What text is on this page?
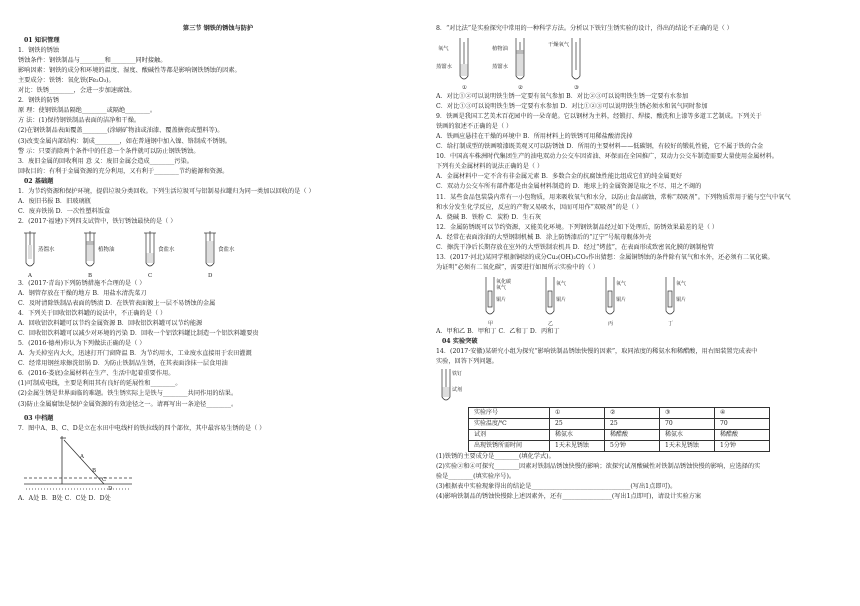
第三节 钢铁的锈蚀与防护
01 知识管理
1．钢铁的锈蚀
锈蚀条件：钢铁制品与________和________同时接触。
影响因素：钢铁的成分和环境的温度、湿度、酸碱性等都是影响钢铁锈蚀的因素。
主要成分：铁锈：氧化铁(Fe₂O₃)。
对比：铁锈________，会进一步加速腐蚀。
2．钢铁的防锈
原 理：使钢铁制品隔绝________或隔绝________。
方 法：(1)保持钢铁制品表面的洁净和干燥。
(2)在钢铁制品表面覆盖________(涂刷矿物油或油漆、覆盖搪瓷或塑料等)。
(3)改变金属内部结构：制成________，如在普通钢中加入镍、铬制成不锈钢。
警 示：只要消除两个条件中的任意一个条件就可以防止钢铁锈蚀。
3．废旧金属的回收利用 意 义：废旧金属会造成________污染。
回收目的：有利于金属资源的充分利用，又有利于________节约能源和资源。
02 基础题
1．为节约资源和保护环境，提倡垃圾分类回收。下列生活垃圾可与铝制易拉罐归为同一类加以回收的是（ ）
A．废旧书报 B．旧玻璃瓶
C．废弃铁锅 D．一次性塑料饭盒
2．(2017·福建)下列四支试管中，铁钉锈蚀最快的是（ ）
蒸馏水	植物油	食盐水	食盐水
A	B	C	D
3．(2017·青岛)下列防锈措施不合理的是（ ）
A．钢管存放在干燥的地方 B．用盐水清洗菜刀
C．及时清除铁制品表面的锈渍 D．在铁管表面镀上一层不易锈蚀的金属
4．下列关于回收铝饮料罐的说法中，不正确的是（ ）
A．回收铝饮料罐可以节约金属资源 B．回收铝饮料罐可以节约能源
C．回收铝饮料罐可以减少对环境的污染 D．回收一个铝饮料罐比制造一个铝饮料罐要贵
5．(2016·德州)你认为下列做法正确的是（ ）
A．为关掉室内大火，迅速打开门窗降温 B．为节约用水，工业废水直接用于农田灌溉
C．经常用钢丝球擦洗铝锅 D．为防止铁制品生锈，在其表面涂抹一层食用油
6．(2016·娄底)金属材料在生产、生活中起着重要作用。
(1)可制成电线，主要是利用其有良好的延展性和________。
(2)金属生锈是世界面临的难题。铁生锈实际上是铁与________共同作用的结果。
(3)防止金属腐蚀是保护金属资源的有效途径之一。请再写出一条途径________。
03 中档题
7．图中A、B、C、D是立在水田中电线杆的铁拉线的四个部位，其中最容易生锈的是（ ）
A
B
C
D
A．A处 B．B处 C．C处 D．D处
8．“对比法”是实验探究中常用的一种科学方法。分析以下铁钉生锈实验的设计，得出的结论不正确的是（ ）
氧气	植物油
蒸馏水	蒸馏水
干燥氧气
①	②	③
A．对比①②可以说明铁生锈一定要有氧气参加 B．对比②③可以说明铁生锈一定要有水参加
C．对比①③可以说明铁生锈一定要有水参加 D．对比①②③可以说明铁生锈必须水和氧气同时参加
9．铁画是我国工艺美术百花园中的一朵奇葩。它以钢材为主料，经锻打、焊接、酸洗和上漆等多道工艺制成。下列关于
铁画的叙述不正确的是（ ）
A．铁画应悬挂在干燥的环境中 B．所用材料上的铁锈可用稀盐酸清洗掉
C．给打制成型的铁画喷漆既美观又可以防锈蚀 D．所用的主要材料——低碳钢，有较好的锻轧性能，它不属于铁的合金
10．中国高车株洲时代集团生产的油电双动力公交车因省油、环保而在全国推广，双动力公交车制造需要大量使用金属材料。
下列有关金属材料的说法正确的是（ ）
A．金属材料中一定不含有非金属元素 B．多数合金的抗腐蚀性能比组成它们的纯金属更好
C．双动力公交车所有部件都是由金属材料制造的 D．地球上的金属资源是取之不尽、用之不竭的
11．某些食品包装袋内常有一小包物质，用来吸收氧气和水分，以防止食品腐蚀，常称“双吸剂”。下列物质常用于能与空气中氧气
和水分发生化学反应，反应的产物又易吸水，因而可用作“双吸剂”的是（ ）
A．烧碱 B．铁粉 C．炭粉 D．生石灰
12．金属防锈既可以节约资源，又能美化环境。下列钢铁制品经过如下处理后，防锈效果最差的是（ ）
A．经常在表面涂油的大型钢制机械 B．涂上防锈漆后的“辽宁”号航母舰体外壳
C．擦洗干净后长期存放在室外的大型铁制农机具 D．经过“烤蓝”，在表面形成致密氧化膜的钢制枪管
13．(2017·河北)某同学根据铜绿的成分Cu₂(OH)₂CO₃作出猜想：金属铜锈蚀的条件除有氧气和水外，还必须有二氧化碳。
为证明“必须有二氧化碳”，需要进行如图所示实验中的（ ）
氧化碳
氧气
氧气	氧气	氧气
铜片	铜片	铜片	铜片
甲	乙	丙	丁
A．甲和乙 B．甲和丁 C．乙和丁 D．丙和丁
04 实验突破
14．(2017·安徽)某研究小组为探究“影响铁制品锈蚀快慢的因素”，取同浓度的稀氨水和稀醋酸，用右图装置完成表中
实验，回答下列问题。
铁钉
试剂
实验序号	①	②	③	④
实验温度/℃	25	25	70	70
试剂	稀氨水	稀醋酸	稀氨水	稀醋酸
出现铁锈所需时间	1天未见锈蚀	5分钟	1天未见锈蚀	1分钟
(1)铁锈的主要成分是________(填化学式)。
(2)实验②和④可探究________因素对铁制品锈蚀快慢的影响；欲探究试剂酸碱性对铁制品锈蚀快慢的影响，应选择的实
验是________(填实验序号)。
(3)根据表中实验现象得出的结论是________________________________(写出1点即可)。
(4)影响铁制品的锈蚀快慢除上述因素外，还有________________(写出1点即可)，请设计实验方案
